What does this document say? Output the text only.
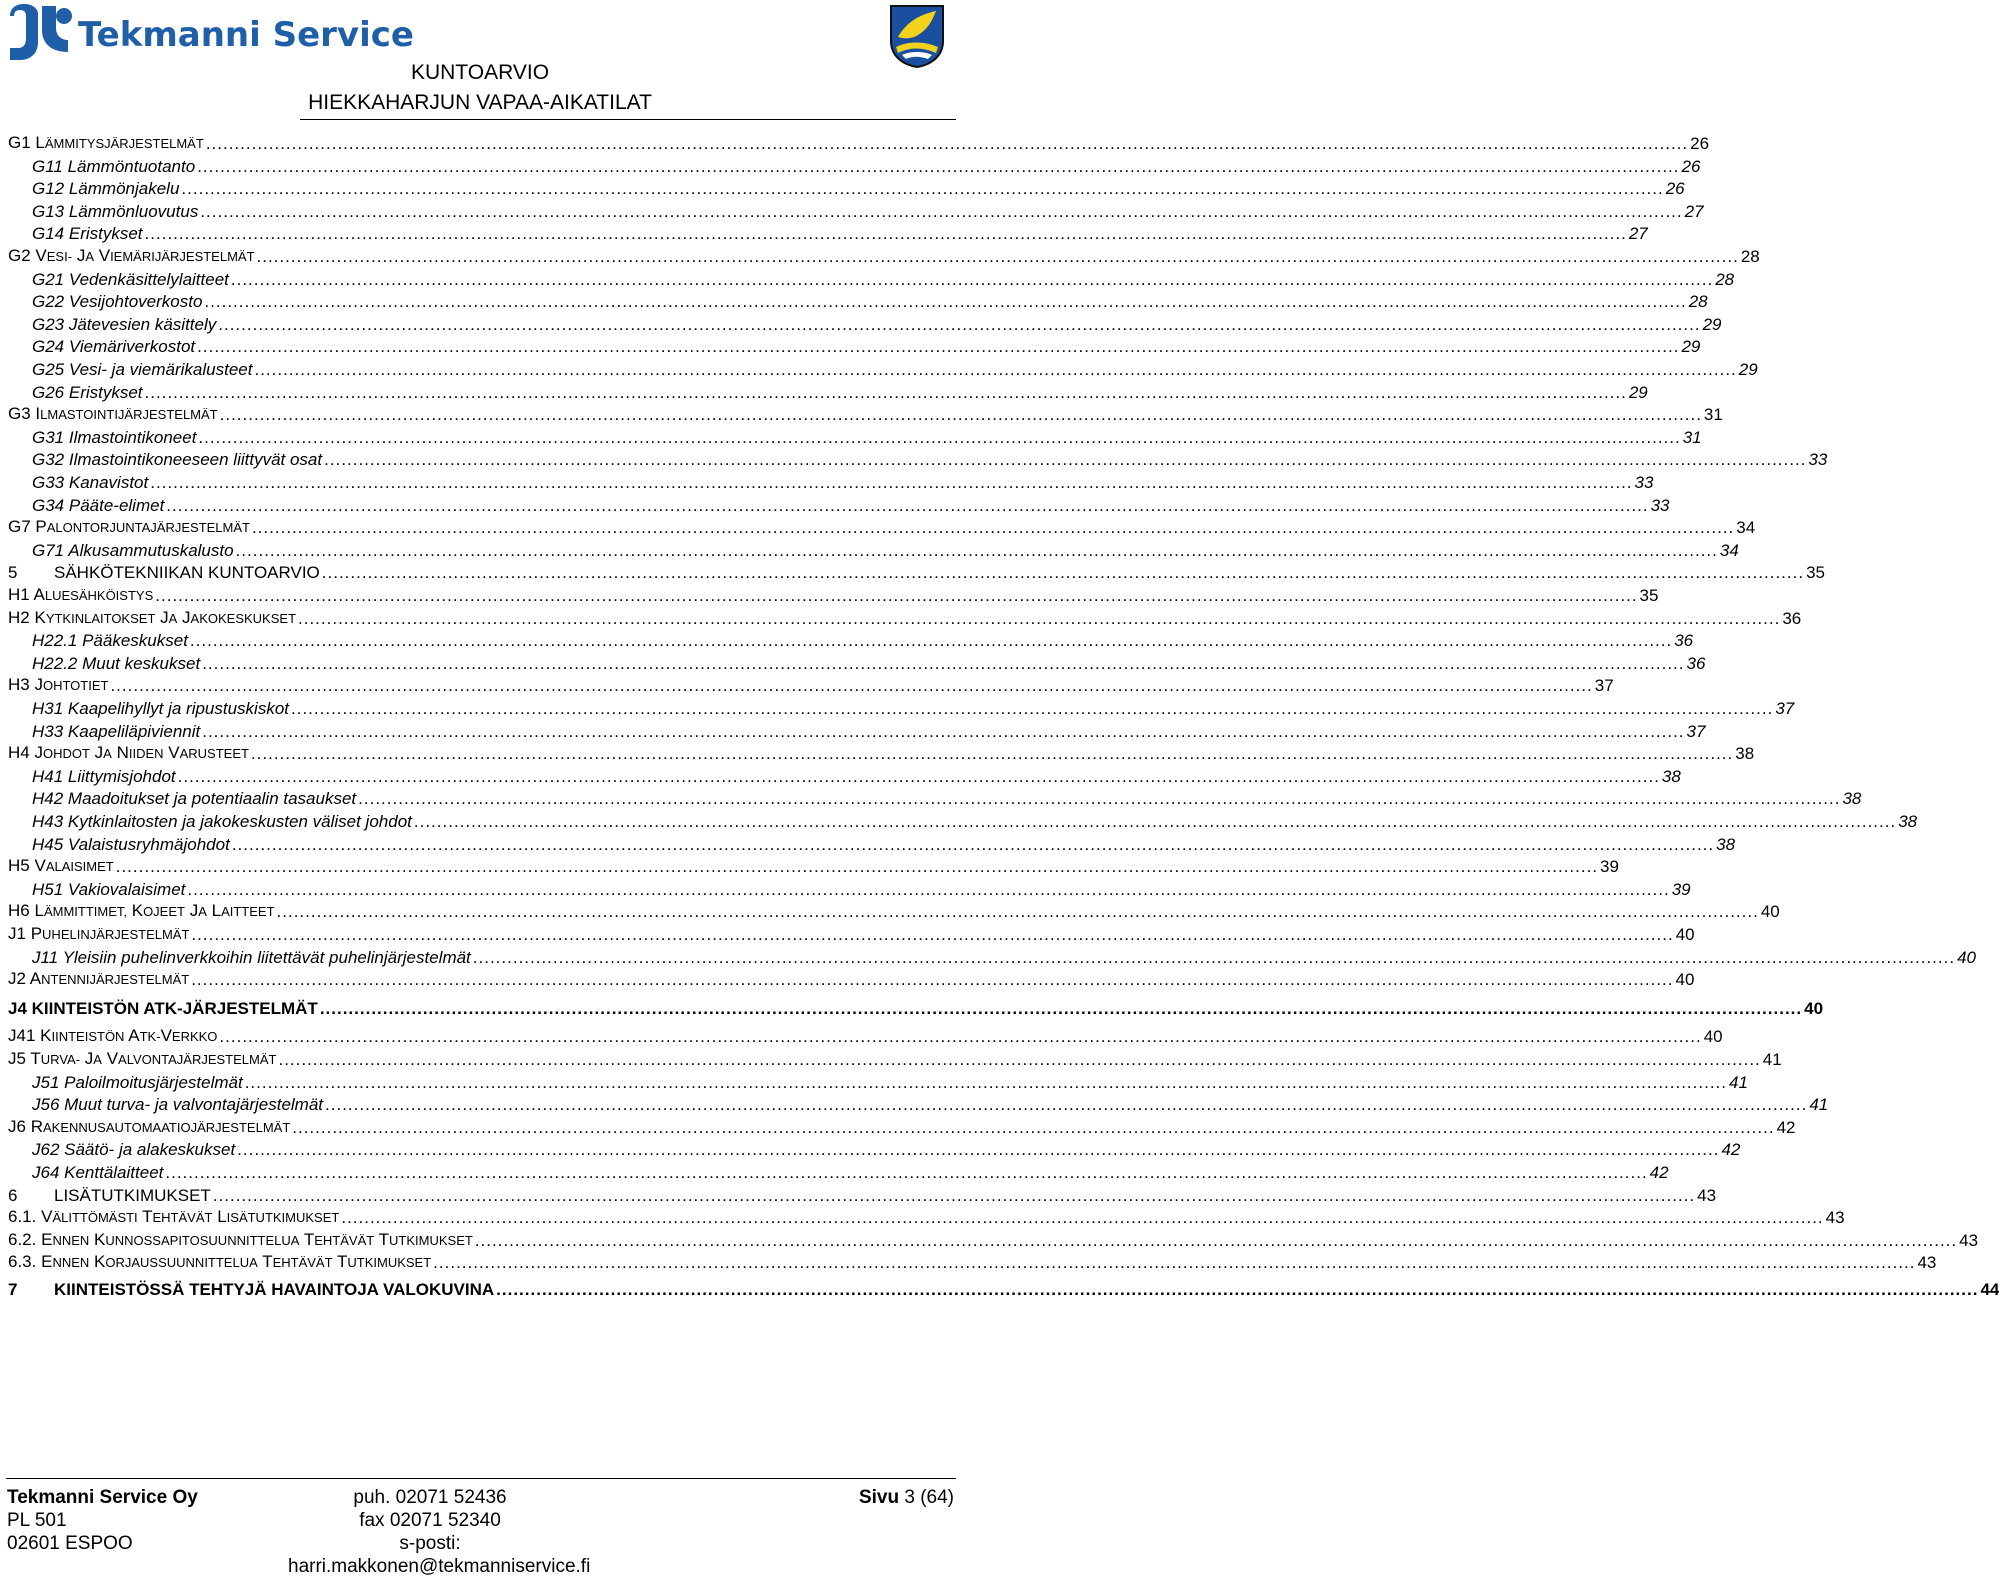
Tekmanni Service
KUNTOARVIO
HIEKKAHARJUN VAPAA-AIKATILAT
G1 LÄMMITYSJÄRJESTELMÄT .....	26
G11 Lämmöntuotanto .....	26
G12 Lämmönjakelu .....	26
G13 Lämmönluovutus .....	27
G14 Eristykset .....	27
G2 VESI- JA VIEMÄRIJÄRJESTELMÄT .....	28
G21 Vedenkäsittelylaitteet .....	28
G22 Vesijohtoverkosto .....	28
G23 Jätevesien käsittely .....	29
G24 Viemäriverkostot .....	29
G25 Vesi- ja viemärikalusteet .....	29
G26 Eristykset .....	29
G3 ILMASTOINTIJÄRJESTELMÄT .....	31
G31 Ilmastointikoneet .....	31
G32 Ilmastointikoneeseen liittyvät osat .....	33
G33 Kanavistot .....	33
G34 Pääte-elimet .....	33
G7 PALONTORJUNTAJÄRJESTELMÄT .....	34
G71 Alkusammutuskalusto .....	34
5 SÄHKÖTEKNIIKAN KUNTOARVIO .....	35
H1 ALUESÄHKÖISTYS .....	35
H2 KYTKINLAITOKSET JA JAKOKESKUKSET .....	36
H22.1 Pääkeskukset .....	36
H22.2 Muut keskukset .....	36
H3 JOHTOTIET .....	37
H31 Kaapelihyllyt ja ripustuskiskot .....	37
H33 Kaapeliläpiviennit .....	37
H4 JOHDOT JA NIIDEN VARUSTEET .....	38
H41 Liittymisjohdot .....	38
H42 Maadoitukset ja potentiaalin tasaukset .....	38
H43 Kytkinlaitosten ja jakokeskusten väliset johdot .....	38
H45 Valaistusryhmäjohdot .....	38
H5 VALAISIMET .....	39
H51 Vakiovalaisimet .....	39
H6 LÄMMITTIMET, KOJEET JA LAITTEET .....	40
J1 PUHELINJÄRJESTELMÄT .....	40
J11 Yleisiin puhelinverkkoihin liitettävät puhelinjärjestelmät .....	40
J2 ANTENNIJÄRJESTELMÄT .....	40
J4 KIINTEISTÖN ATK-JÄRJESTELMÄT .....	40
J41 KIINTEISTÖN ATK-VERKKO .....	40
J5 TURVA- JA VALVONTAJÄRJESTELMÄT .....	41
J51 Paloilmoitusjärjestelmät .....	41
J56 Muut turva- ja valvontajärjestelmät .....	41
J6 RAKENNUSAUTOMAATIOJÄRJESTELMÄT .....	42
J62 Säätö- ja alakeskukset .....	42
J64 Kenttälaitteet .....	42
6 LISÄTUTKIMUKSET .....	43
6.1. VÄLITTÖMÄSTI TEHTÄVÄT LISÄTUTKIMUKSET .....	43
6.2. ENNEN KUNNOSSAPITOSUUNNITTELUA TEHTÄVÄT TUTKIMUKSET .....	43
6.3. ENNEN KORJAUSSUUNNITTELUA TEHTÄVÄT TUTKIMUKSET .....	43
7 KIINTEISTÖSSÄ TEHTYJÄ HAVAINTOJA VALOKUVINA .....	44
Tekmanni Service Oy
PL 501
02601 ESPOO
puh. 02071 52436
fax 02071 52340
s-posti: harri.makkonen@tekmanniservice.fi
Sivu 3 (64)
